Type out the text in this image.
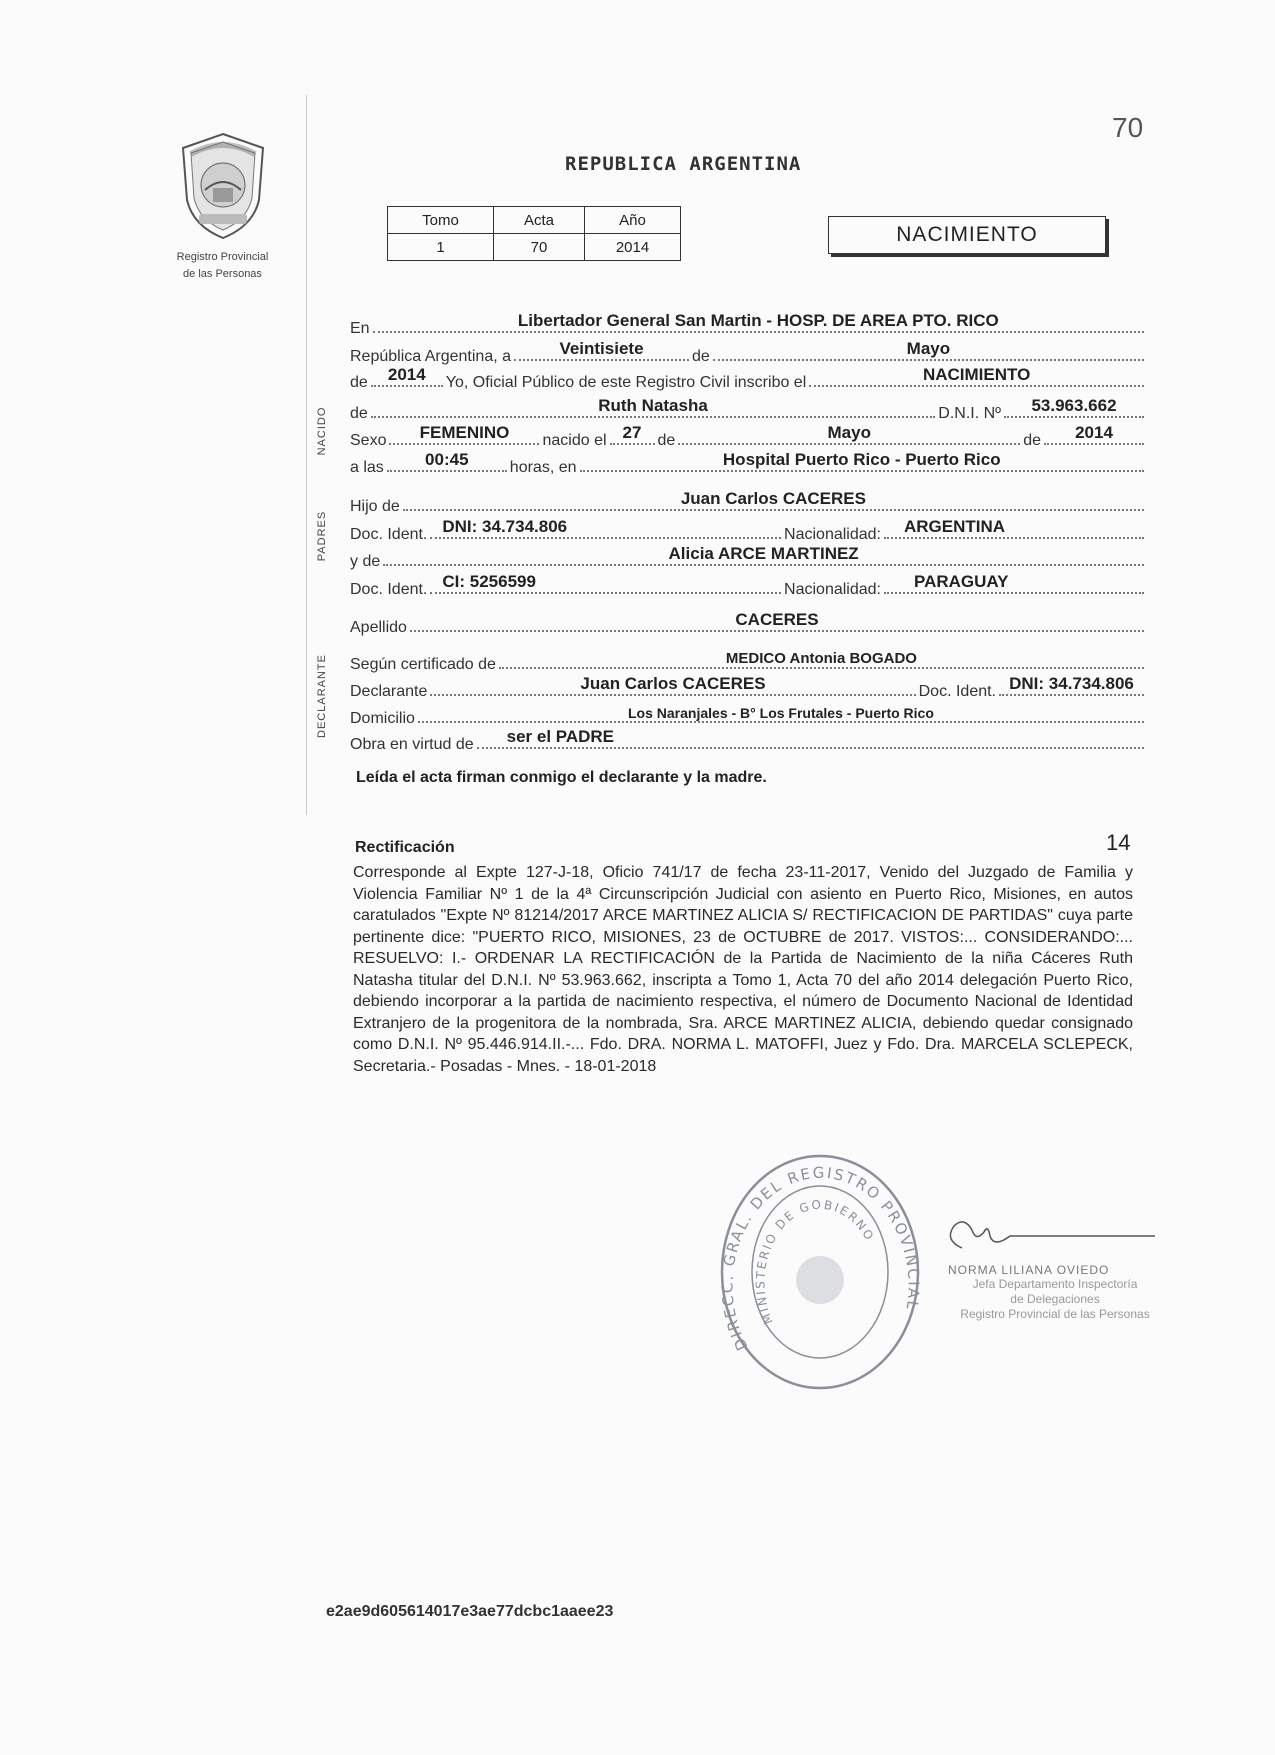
Registro Provincial
de las Personas
70
REPUBLICA ARGENTINA
Tomo	Acta	Año
1	70	2014
NACIMIENTO
En	Libertador General San Martin - HOSP. DE AREA PTO. RICO
República Argentina, a	Veintisiete	de	Mayo
de	2014	Yo, Oficial Público de este Registro Civil inscribo el	NACIMIENTO
de	Ruth Natasha	D.N.I. Nº	53.963.662
Sexo	FEMENINO	nacido el 27	de	Mayo	de	2014
a las	00:45	horas, en	Hospital Puerto Rico - Puerto Rico
Hijo de	Juan Carlos CACERES
Doc. Ident. DNI: 34.734.806	Nacionalidad:	ARGENTINA
y de	Alicia ARCE MARTINEZ
Doc. Ident. CI: 5256599	Nacionalidad:	PARAGUAY
Apellido	CACERES
Según certificado de	MEDICO Antonia BOGADO
Declarante	Juan Carlos CACERES	Doc. Ident. DNI: 34.734.806
Domicilio	Los Naranjales - B° Los Frutales - Puerto Rico
Obra en virtud de	ser el PADRE
NACIDO
PADRES
DECLARANTE
Leída el acta firman conmigo el declarante y la madre.
Rectificación	14
Corresponde al Expte 127-J-18, Oficio 741/17 de fecha 23-11-2017, Venido del Juzgado de Familia y Violencia Familiar Nº 1 de la 4ª Circunscripción Judicial con asiento en Puerto Rico, Misiones, en autos caratulados "Expte Nº 81214/2017 ARCE MARTINEZ ALICIA S/ RECTIFICACION DE PARTIDAS" cuya parte pertinente dice: "PUERTO RICO, MISIONES, 23 de OCTUBRE de 2017. VISTOS:... CONSIDERANDO:... RESUELVO: I.- ORDENAR LA RECTIFICACIÓN de la Partida de Nacimiento de la niña Cáceres Ruth Natasha titular del D.N.I. Nº 53.963.662, inscripta a Tomo 1, Acta 70 del año 2014 delegación Puerto Rico, debiendo incorporar a la partida de nacimiento respectiva, el número de Documento Nacional de Identidad Extranjero de la progenitora de la nombrada, Sra. ARCE MARTINEZ ALICIA, debiendo quedar consignado como D.N.I. Nº 95.446.914.II.-... Fdo. DRA. NORMA L. MATOFFI, Juez y Fdo. Dra. MARCELA SCLEPECK, Secretaria.- Posadas - Mnes. - 18-01-2018
DIRECC. GRAL. DEL REGISTRO PROVINCIAL
MINISTERIO DE GOBIERNO
NORMA LILIANA OVIEDO
Jefa Departamento Inspectoría
de Delegaciones
Registro Provincial de las Personas
e2ae9d605614017e3ae77dcbc1aaee23
